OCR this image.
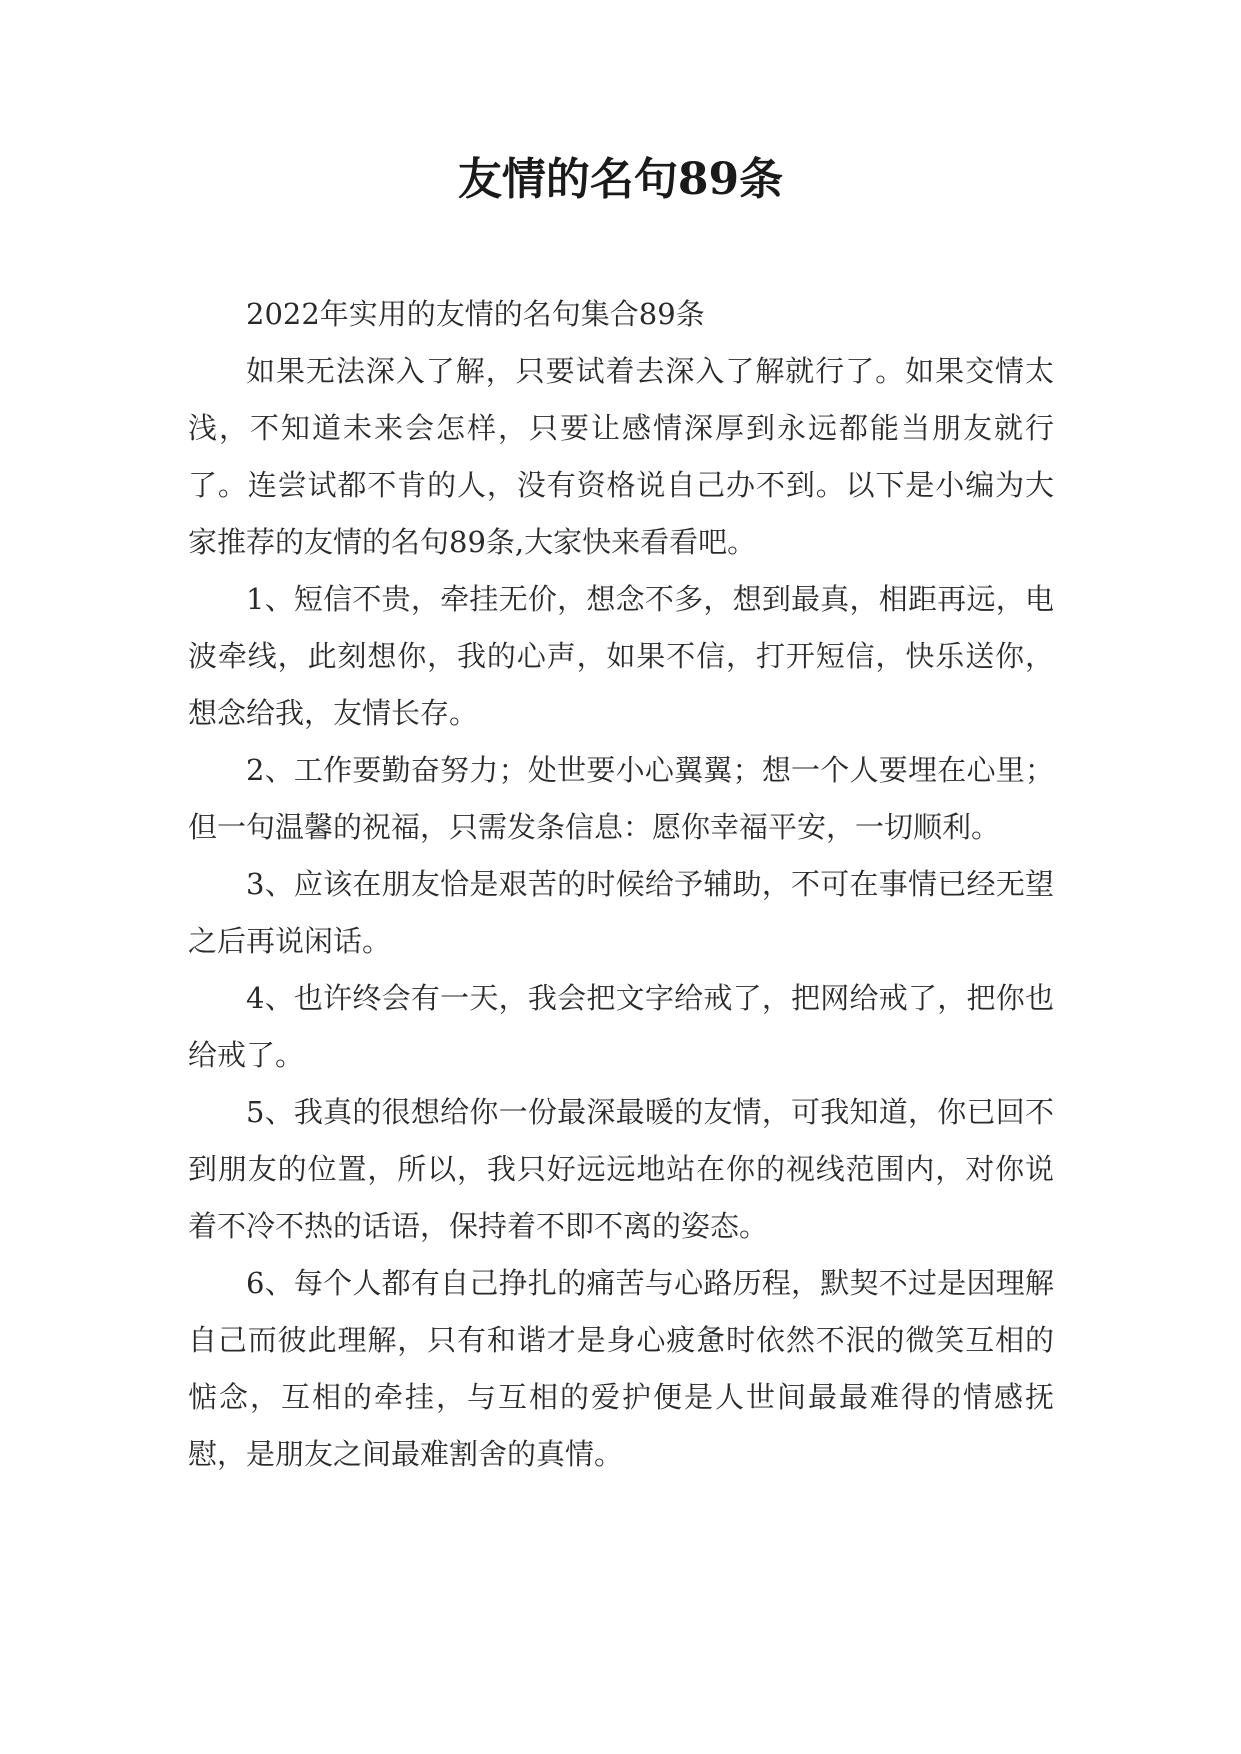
友情的名句89条

2022年实用的友情的名句集合89条

如果无法深入了解，只要试着去深入了解就行了。如果交情太浅，不知道未来会怎样，只要让感情深厚到永远都能当朋友就行了。连尝试都不肯的人，没有资格说自己办不到。以下是小编为大家推荐的友情的名句89条,大家快来看看吧。

1、短信不贵，牵挂无价，想念不多，想到最真，相距再远，电波牵线，此刻想你，我的心声，如果不信，打开短信，快乐送你，想念给我，友情长存。

2、工作要勤奋努力；处世要小心翼翼；想一个人要埋在心里；但一句温馨的祝福，只需发条信息：愿你幸福平安，一切顺利。

3、应该在朋友恰是艰苦的时候给予辅助，不可在事情已经无望之后再说闲话。

4、也许终会有一天，我会把文字给戒了，把网给戒了，把你也给戒了。

5、我真的很想给你一份最深最暖的友情，可我知道，你已回不到朋友的位置，所以，我只好远远地站在你的视线范围内，对你说着不冷不热的话语，保持着不即不离的姿态。

6、每个人都有自己挣扎的痛苦与心路历程，默契不过是因理解自己而彼此理解，只有和谐才是身心疲惫时依然不泯的微笑互相的惦念，互相的牵挂，与互相的爱护便是人世间最最难得的情感抚慰，是朋友之间最难割舍的真情。
